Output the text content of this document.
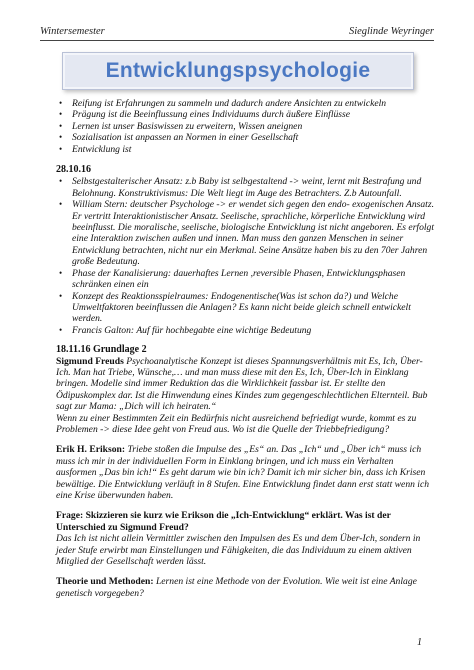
Wintersemester	Sieglinde Weyringer
Entwicklungspsychologie
• Reifung ist Erfahrungen zu sammeln und dadurch andere Ansichten zu entwickeln
• Prägung ist die Beeinflussung eines Individuums durch äußere Einflüsse
• Lernen ist unser Basiswissen zu erweitern, Wissen aneignen
• Sozialisation ist anpassen an Normen in einer Gesellschaft
• Entwicklung ist
28.10.16
• Selbstgestalterischer Ansatz: z.b Baby ist selbgestaltend -> weint, lernt mit Bestrafung und Belohnung. Konstruktivismus: Die Welt liegt im Auge des Betrachters. Z.b Autounfall.
• William Stern: deutscher Psychologe -> er wendet sich gegen den endo- exogenischen Ansatz. Er vertritt Interaktionistischer Ansatz. Seelische, sprachliche, körperliche Entwicklung wird beeinflusst. Die moralische, seelische, biologische Entwicklung ist nicht angeboren. Es erfolgt eine Interaktion zwischen außen und innen. Man muss den ganzen Menschen in seiner Entwicklung betrachten, nicht nur ein Merkmal. Seine Ansätze haben bis zu den 70er Jahren große Bedeutung.
• Phase der Kanalisierung: dauerhaftes Lernen ,reversible Phasen, Entwicklungsphasen schränken einen ein
• Konzept des Reaktionsspielraumes: Endogenentische(Was ist schon da?) und Welche Umweltfaktoren beeinflussen die Anlagen? Es kann nicht beide gleich schnell entwickelt werden.
• Francis Galton: Auf für hochbegabte eine wichtige Bedeutung
18.11.16 Grundlage 2

Sigmund Freuds Psychoanalytische Konzept ist dieses Spannungsverhältnis mit Es, Ich, Über-Ich. Man hat Triebe, Wünsche,… und man muss diese mit den Es, Ich, Über-Ich in Einklang bringen. Modelle sind immer Reduktion das die Wirklichkeit fassbar ist. Er stellte den Ödipuskomplex dar. Ist die Hinwendung eines Kindes zum gegengeschlechtlichen Elternteil. Bub sagt zur Mama: „Dich will ich heiraten.“

Wenn zu einer Bestimmten Zeit ein Bedürfnis nicht ausreichend befriedigt wurde, kommt es zu Problemen -> diese Idee geht von Freud aus. Wo ist die Quelle der Triebbefriedigung?

Erik H. Erikson: Triebe stoßen die Impulse des „Es“ an. Das „Ich“ und „Über ich“ muss ich muss ich mir in der individuellen Form in Einklang bringen, und ich muss ein Verhalten ausformen „Das bin ich!“ Es geht darum wie bin ich? Damit ich mir sicher bin, dass ich Krisen bewältige. Die Entwicklung verläuft in 8 Stufen. Eine Entwicklung findet dann erst statt wenn ich eine Krise überwunden haben.

Frage: Skizzieren sie kurz wie Erikson die „Ich-Entwicklung“ erklärt. Was ist der Unterschied zu Sigmund Freud?

Das Ich ist nicht allein Vermittler zwischen den Impulsen des Es und dem Über-Ich, sondern in jeder Stufe erwirbt man Einstellungen und Fähigkeiten, die das Individuum zu einem aktiven Mitglied der Gesellschaft werden lässt.

Theorie und Methoden: Lernen ist eine Methode von der Evolution. Wie weit ist eine Anlage genetisch vorgegeben?

1
